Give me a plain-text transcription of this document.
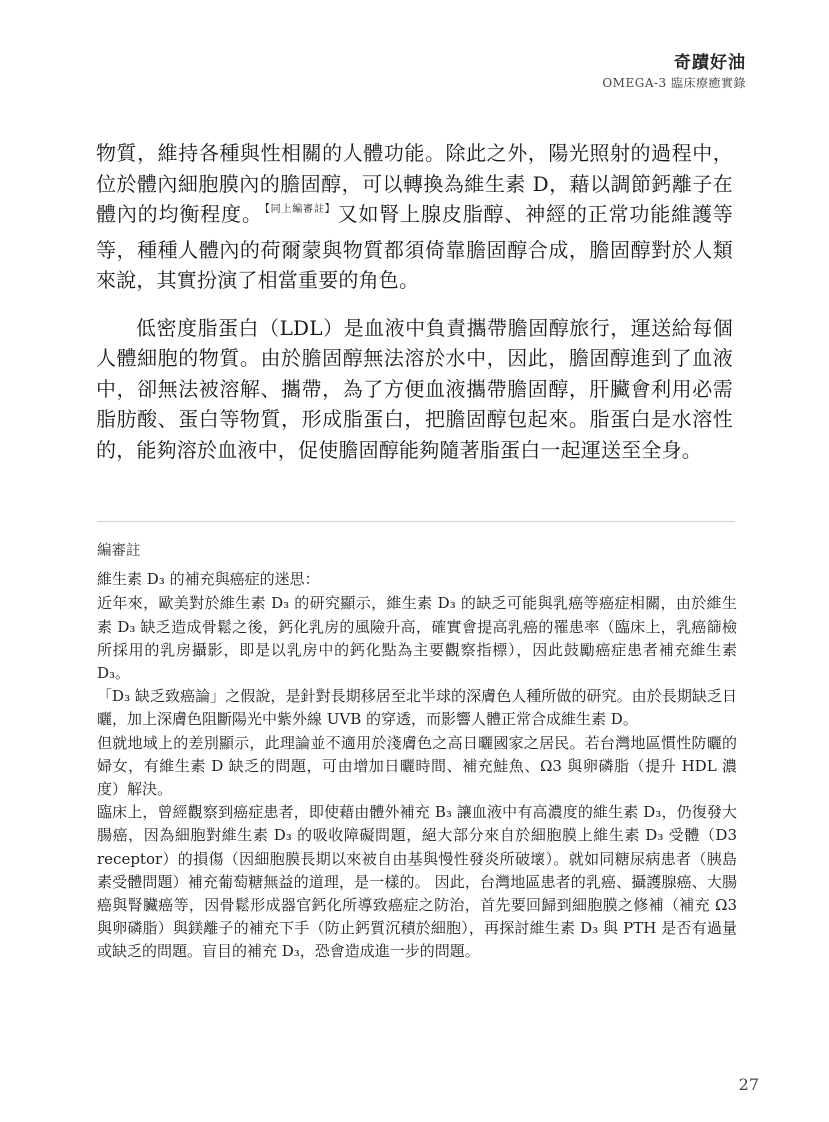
奇蹟好油
OMEGA-3 臨床療癒實錄

物質，維持各種與性相關的人體功能。除此之外，陽光照射的過程中，位於體內細胞膜內的膽固醇，可以轉換為維生素 D，藉以調節鈣離子在體內的均衡程度。 $^{【同上編審註】}$ 又如腎上腺皮脂醇、神經的正常功能維護等等，種種人體內的荷爾蒙與物質都須倚靠膽固醇合成，膽固醇對於人類來說，其實扮演了相當重要的角色。

低密度脂蛋白（LDL）是血液中負責攜帶膽固醇旅行，運送給每個人體細胞的物質。由於膽固醇無法溶於水中，因此，膽固醇進到了血液中，卻無法被溶解、攜帶，為了方便血液攜帶膽固醇，肝臟會利用必需脂肪酸、蛋白等物質，形成脂蛋白，把膽固醇包起來。脂蛋白是水溶性的，能夠溶於血液中，促使膽固醇能夠隨著脂蛋白一起運送至全身。

編審註

維生素 D₃ 的補充與癌症的迷思：

近年來，歐美對於維生素 D₃ 的研究顯示，維生素 D₃ 的缺乏可能與乳癌等癌症相關，由於維生素 D₃ 缺乏造成骨鬆之後，鈣化乳房的風險升高，確實會提高乳癌的罹患率（臨床上，乳癌篩檢所採用的乳房攝影，即是以乳房中的鈣化點為主要觀察指標），因此鼓勵癌症患者補充維生素 D₃。

「D₃ 缺乏致癌論」之假說，是針對長期移居至北半球的深膚色人種所做的研究。由於長期缺乏日曬，加上深膚色阻斷陽光中紫外線 UVB 的穿透，而影響人體正常合成維生素 D。

但就地域上的差別顯示，此理論並不適用於淺膚色之高日曬國家之居民。若台灣地區慣性防曬的婦女，有維生素 D 缺乏的問題，可由增加日曬時間、補充鮭魚、Ω3 與卵磷脂（提升 HDL 濃度）解決。

臨床上，曾經觀察到癌症患者，即使藉由體外補充 B₃ 讓血液中有高濃度的維生素 D₃，仍復發大腸癌，因為細胞對維生素 D₃ 的吸收障礙問題，絕大部分來自於細胞膜上維生素 D₃ 受體（D3 receptor）的損傷（因細胞膜長期以來被自由基與慢性發炎所破壞）。就如同糖尿病患者（胰島素受體問題）補充葡萄糖無益的道理，是一樣的。 因此，台灣地區患者的乳癌、攝護腺癌、大腸癌與腎臟癌等，因骨鬆形成器官鈣化所導致癌症之防治，首先要回歸到細胞膜之修補（補充 Ω3 與卵磷脂）與鎂離子的補充下手（防止鈣質沉積於細胞），再探討維生素 D₃ 與 PTH 是否有過量或缺乏的問題。盲目的補充 D₃，恐會造成進一步的問題。

27
